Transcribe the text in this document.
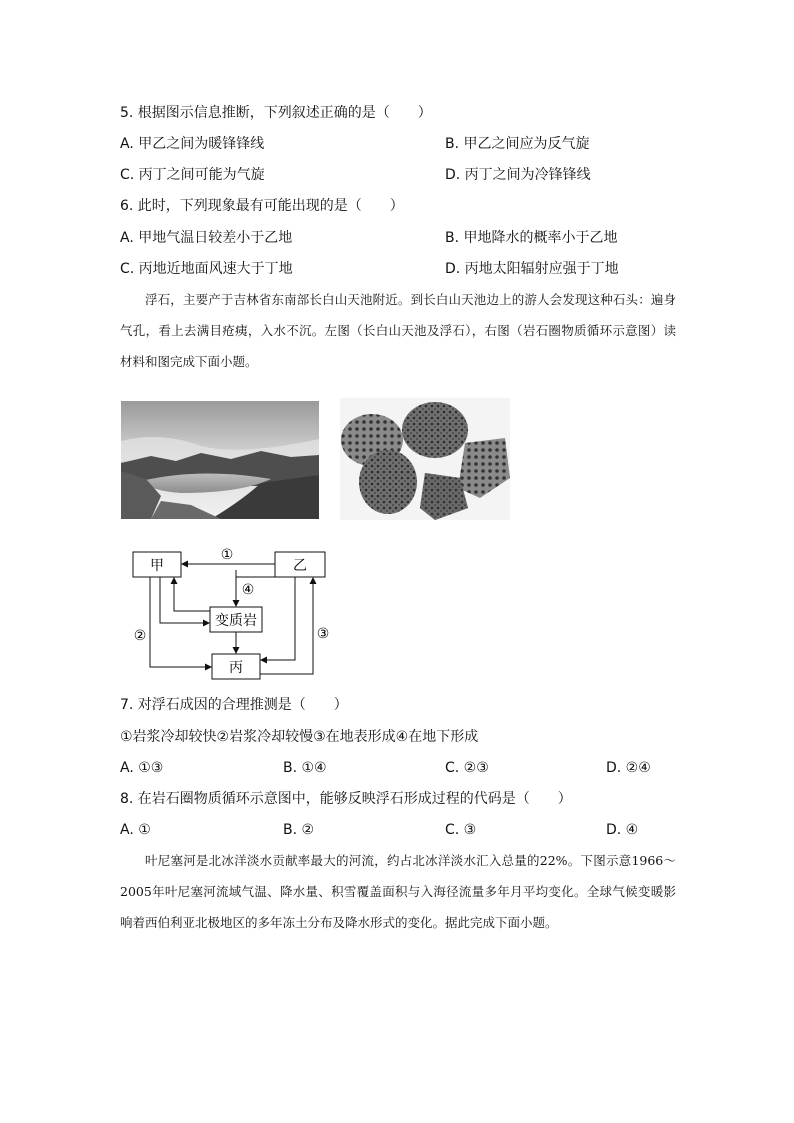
5. 根据图示信息推断，下列叙述正确的是（　　）
A. 甲乙之间为暖锋锋线	B. 甲乙之间应为反气旋
C. 丙丁之间可能为气旋	D. 丙丁之间为冷锋锋线
6. 此时，下列现象最有可能出现的是（　　）
A. 甲地气温日较差小于乙地	B. 甲地降水的概率小于乙地
C. 丙地近地面风速大于丁地	D. 丙地太阳辐射应强于丁地

浮石，主要产于吉林省东南部长白山天池附近。到长白山天池边上的游人会发现这种石头：遍身气孔，看上去满目疮痍，入水不沉。左图（长白山天池及浮石），右图（岩石圈物质循环示意图）读材料和图完成下面小题。

甲	乙
变质岩
丙
①
④
②	③
7. 对浮石成因的合理推测是（　　）
①岩浆冷却较快②岩浆冷却较慢③在地表形成④在地下形成
A. ①③	B. ①④	C. ②③	D. ②④
8. 在岩石圈物质循环示意图中，能够反映浮石形成过程的代码是（　　）
A. ①	B. ②	C. ③	D. ④

叶尼塞河是北冰洋淡水贡献率最大的河流，约占北冰洋淡水汇入总量的22%。下图示意1966～2005年叶尼塞河流域气温、降水量、积雪覆盖面积与入海径流量多年月平均变化。全球气候变暖影响着西伯利亚北极地区的多年冻土分布及降水形式的变化。据此完成下面小题。
